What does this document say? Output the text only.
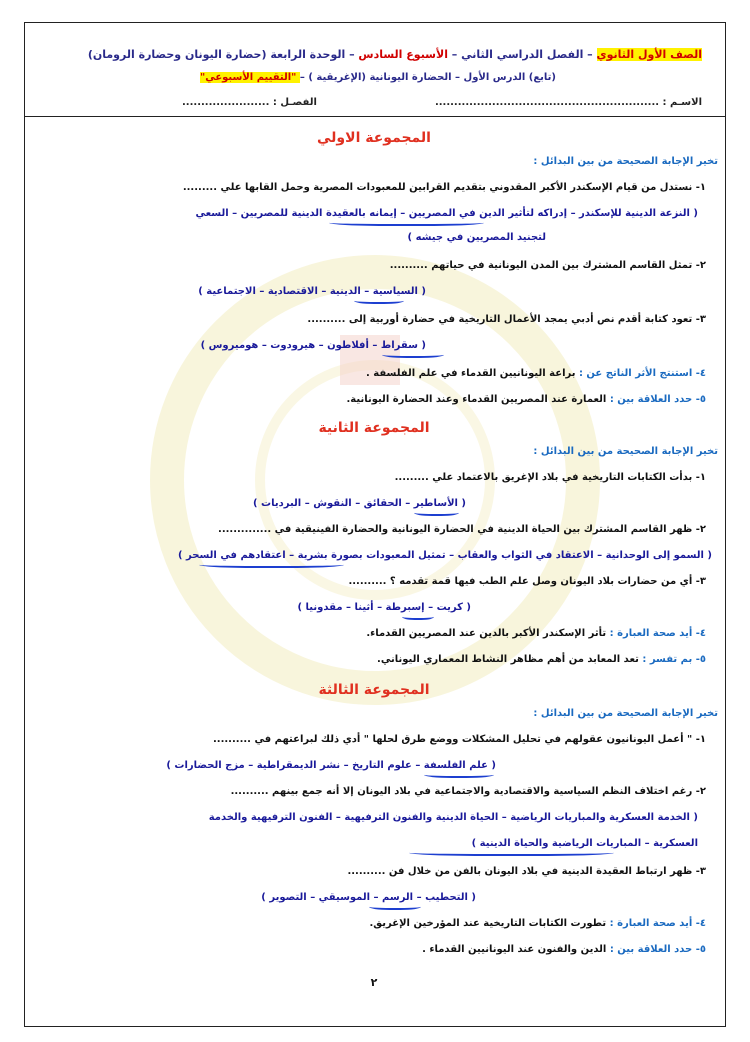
الصف الأول الثانوي – الفصل الدراسي الثاني – الأسبوع السادس – الوحدة الرابعة (حضارة اليونان وحضارة الرومان)
(تابع) الدرس الأول – الحضارة اليونانية (الإغريقية ) – "التقييم الأسبوعي"
الاسـم : ...........................................................
الفصـل : .......................
المجموعة الاولي
تخير الإجابة الصحيحة من بين البدائل :
١- نستدل من قيام الإسكندر الأكبر المقدوني بتقديم القرابين للمعبودات المصرية وحمل القابها علي .........
( النزعة الدينية للإسكندر – إدراكه لتأثير الدين في المصريين – إيمانه بالعقيدة الدينية للمصريين – السعي
لتجنيد المصريين في جيشه )
٢- تمثل القاسم المشترك بين المدن اليونانية في حياتهم ..........
( السياسية – الدينية – الاقتصادية – الاجتماعية )
٣- تعود كتابة أقدم نص أدبي يمجد الأعمال التاريخية في حضارة أوربية إلى ..........
( سقراط – أفلاطون – هيرودوت – هوميروس )
٤- استنتج الأثر الناتج عن : براعة اليونانيين القدماء في علم الفلسفة .
٥- حدد العلاقة بين : العمارة عند المصريين القدماء وعند الحضارة اليونانية.
المجموعة الثانية
تخير الإجابة الصحيحة من بين البدائل :
١- بدأت الكتابات التاريخية في بلاد الإغريق بالاعتماد علي .........
( الأساطير – الحقائق – النقوش – البرديات )
٢- ظهر القاسم المشترك بين الحياة الدينية في الحضارة اليونانية والحضارة الفينيقية في ..............
( السمو إلى الوحدانية – الاعتقاد في الثواب والعقاب – تمثيل المعبودات بصورة بشرية – اعتقادهم في السحر )
٣- أي من حضارات بلاد اليونان وصل علم الطب فيها قمة تقدمه ؟ ..........
( كريت – إسبرطة – أثينا – مقدونيا )
٤- أيد صحة العبارة : تأثر الإسكندر الأكبر بالدين عند المصريين القدماء.
٥- بم تفسر : تعد المعابد من أهم مظاهر النشاط المعماري اليوناني.
المجموعة الثالثة
تخير الإجابة الصحيحة من بين البدائل :
١- " أعمل اليونانيون عقولهم في تحليل المشكلات ووضع طرق لحلها " أدي ذلك لبراعتهم في ..........
( علم الفلسفة – علوم التاريخ – نشر الديمقراطية – مزج الحضارات )
٢- رغم اختلاف النظم السياسية والاقتصادية والاجتماعية في بلاد اليونان إلا أنه جمع بينهم ..........
( الخدمة العسكرية والمباريات الرياضية – الحياة الدينية والفنون الترفيهية – الفنون الترفيهية والخدمة
العسكرية – المباريات الرياضية والحياة الدينية )
٣- ظهر ارتباط العقيدة الدينية في بلاد اليونان بالفن من خلال فن ..........
( التحطيب – الرسم – الموسيقي – التصوير )
٤- أيد صحة العبارة : تطورت الكتابات التاريخية عند المؤرخين الإغريق.
٥- حدد العلاقة بين : الدين والفنون عند اليونانيين القدماء .
٢
